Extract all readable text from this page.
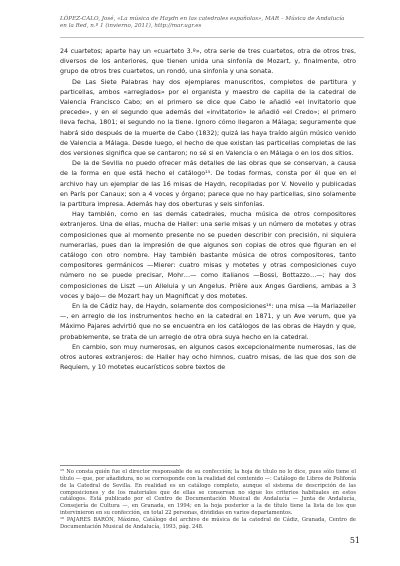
LÓPEZ-CALO, José, «La música de Haydn en las catedrales españolas», MAR – Música de Andalucía
en la Red, n.º 1 (invierno, 2011), http://mar.ugr.es

24 cuartetos; aparte hay un «cuarteto 3.º», otra serie de tres cuartetos, otra de otros tres, diversos de los anteriores, que tienen unida una sinfonía de Mozart, y, finalmente, otro grupo de otros tres cuartetos, un rondó, una sinfonía y una sonata.

De Las Siete Palabras hay dos ejemplares manuscritos, completos de partitura y particellas, ambos «arreglados» por el organista y maestro de capilla de la catedral de Valencia Francisco Cabo; en el primero se dice que Cabo le añadió «el invitatorio que precede», y en el segundo que además del «invitatorio» le añadió «el Credo»; el primero lleva fecha, 1801; el segundo no la tiene. Ignoro cómo llegaron a Málaga; seguramente que habrá sido después de la muerte de Cabo (1832); quizá las haya traído algún músico venido de Valencia a Málaga. Desde luego, el hecho de que existan las particellas completas de las dos versiones significa que se cantaron; no sé si en Valencia o en Málaga o en los dos sitios.

De la de Sevilla no puedo ofrecer más detalles de las obras que se conservan, a causa de la forma en que está hecho el catálogo¹⁵. De todas formas, consta por él que en el archivo hay un ejemplar de las 16 misas de Haydn, recopiladas por V. Novello y publicadas en París por Canaux; son a 4 voces y órgano; parece que no hay particellas, sino solamente la partitura impresa. Además hay dos oberturas y seis sinfonías.

Hay también, como en las demás catedrales, mucha música de otros compositores extranjeros. Una de ellas, mucha de Haller: una serie misas y un número de motetes y otras composiciones que al momento presente no se pueden describir con precisión, ni siquiera numerarlas, pues dan la impresión de que algunos son copias de otros que figuran en el catálogo con otro nombre. Hay también bastante música de otros compositores, tanto compositores germánicos —Mierer: cuatro misas y motetes y otras composiciones cuyo número no se puede precisar, Mohr…— como italianos —Bossi, Bottazzo…—; hay dos composiciones de Liszt —un Alleluia y un Angelus. Prière aux Anges Gardiens, ambas a 3 voces y bajo— de Mozart hay un Magnificat y dos motetes.

En la de Cádiz hay, de Haydn, solamente dos composiciones¹⁶: una misa —la Mariazeller—, en arreglo de los instrumentos hecho en la catedral en 1871, y un Ave verum, que ya Máximo Pajares advirtió que no se encuentra en los catálogos de las obras de Haydn y que, probablemente, se trata de un arreglo de otra obra suya hecho en la catedral.

En cambio, son muy numerosas, en algunos casos excepcionalmente numerosas, las de otros autores extranjeros: de Haller hay ocho himnos, cuatro misas, de las que dos son de Requiem, y 10 motetes eucarísticos sobre textos de

¹⁵ No consta quién fue el director responsable de su confección; la hoja de título no lo dice, pues sólo tiene el título — que, por añadidura, no se corresponde con la realidad del contenido —: Catálogo de Libros de Polifonía de la Catedral de Sevilla. En realidad es un catálogo completo, aunque el sistema de descripción de las composiciones y de los materiales que de ellas se conservan no sigue los criterios habituales en estos catálogos. Está publicado por el Centro de Documentación Musical de Andalucía — Junta de Andalucía, Consejería de Cultura —, en Granada, en 1994; en la hoja posterior a la de título tiene la lista de los que intervinieron en su confección, en total 22 personas, divididas en varios departamentos.

¹⁶ PAJARES BARÓN, Máximo, Catálogo del archivo de música de la catedral de Cádiz, Granada, Centro de Documentación Musical de Andalucía, 1993, pág. 248.

51
